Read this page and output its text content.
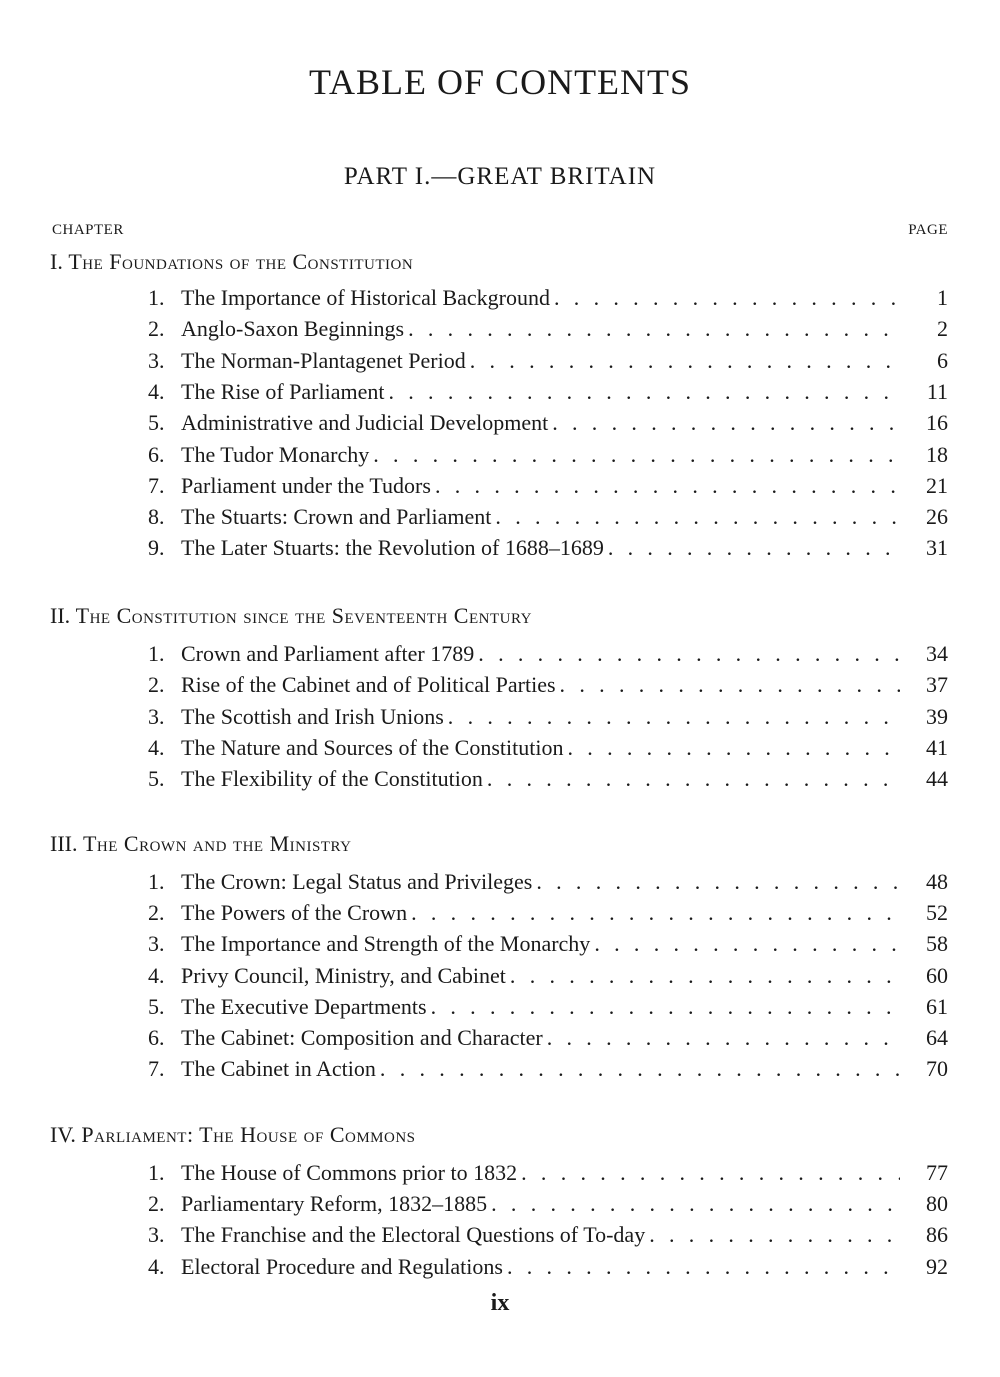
TABLE OF CONTENTS
PART I.—GREAT BRITAIN
CHAPTER	PAGE
I. The Foundations of the Constitution
1. The Importance of Historical Background . . .	1
2. Anglo-Saxon Beginnings . . .	2
3. The Norman-Plantagenet Period . . .	6
4. The Rise of Parliament . . .	11
5. Administrative and Judicial Development . . .	16
6. The Tudor Monarchy . . .	18
7. Parliament under the Tudors . . .	21
8. The Stuarts: Crown and Parliament . . .	26
9. The Later Stuarts: the Revolution of 1688–1689 . . .	31
II. The Constitution since the Seventeenth Century
1. Crown and Parliament after 1789 . . .	34
2. Rise of the Cabinet and of Political Parties . . .	37
3. The Scottish and Irish Unions . . .	39
4. The Nature and Sources of the Constitution . . .	41
5. The Flexibility of the Constitution . . .	44
III. The Crown and the Ministry
1. The Crown: Legal Status and Privileges . . .	48
2. The Powers of the Crown . . .	52
3. The Importance and Strength of the Monarchy . . .	58
4. Privy Council, Ministry, and Cabinet . . .	60
5. The Executive Departments . . .	61
6. The Cabinet: Composition and Character . . .	64
7. The Cabinet in Action . . .	70
IV. Parliament: The House of Commons
1. The House of Commons prior to 1832 . . .	77
2. Parliamentary Reform, 1832–1885 . . .	80
3. The Franchise and the Electoral Questions of To-day . . .	86
4. Electoral Procedure and Regulations . . .	92
ix
